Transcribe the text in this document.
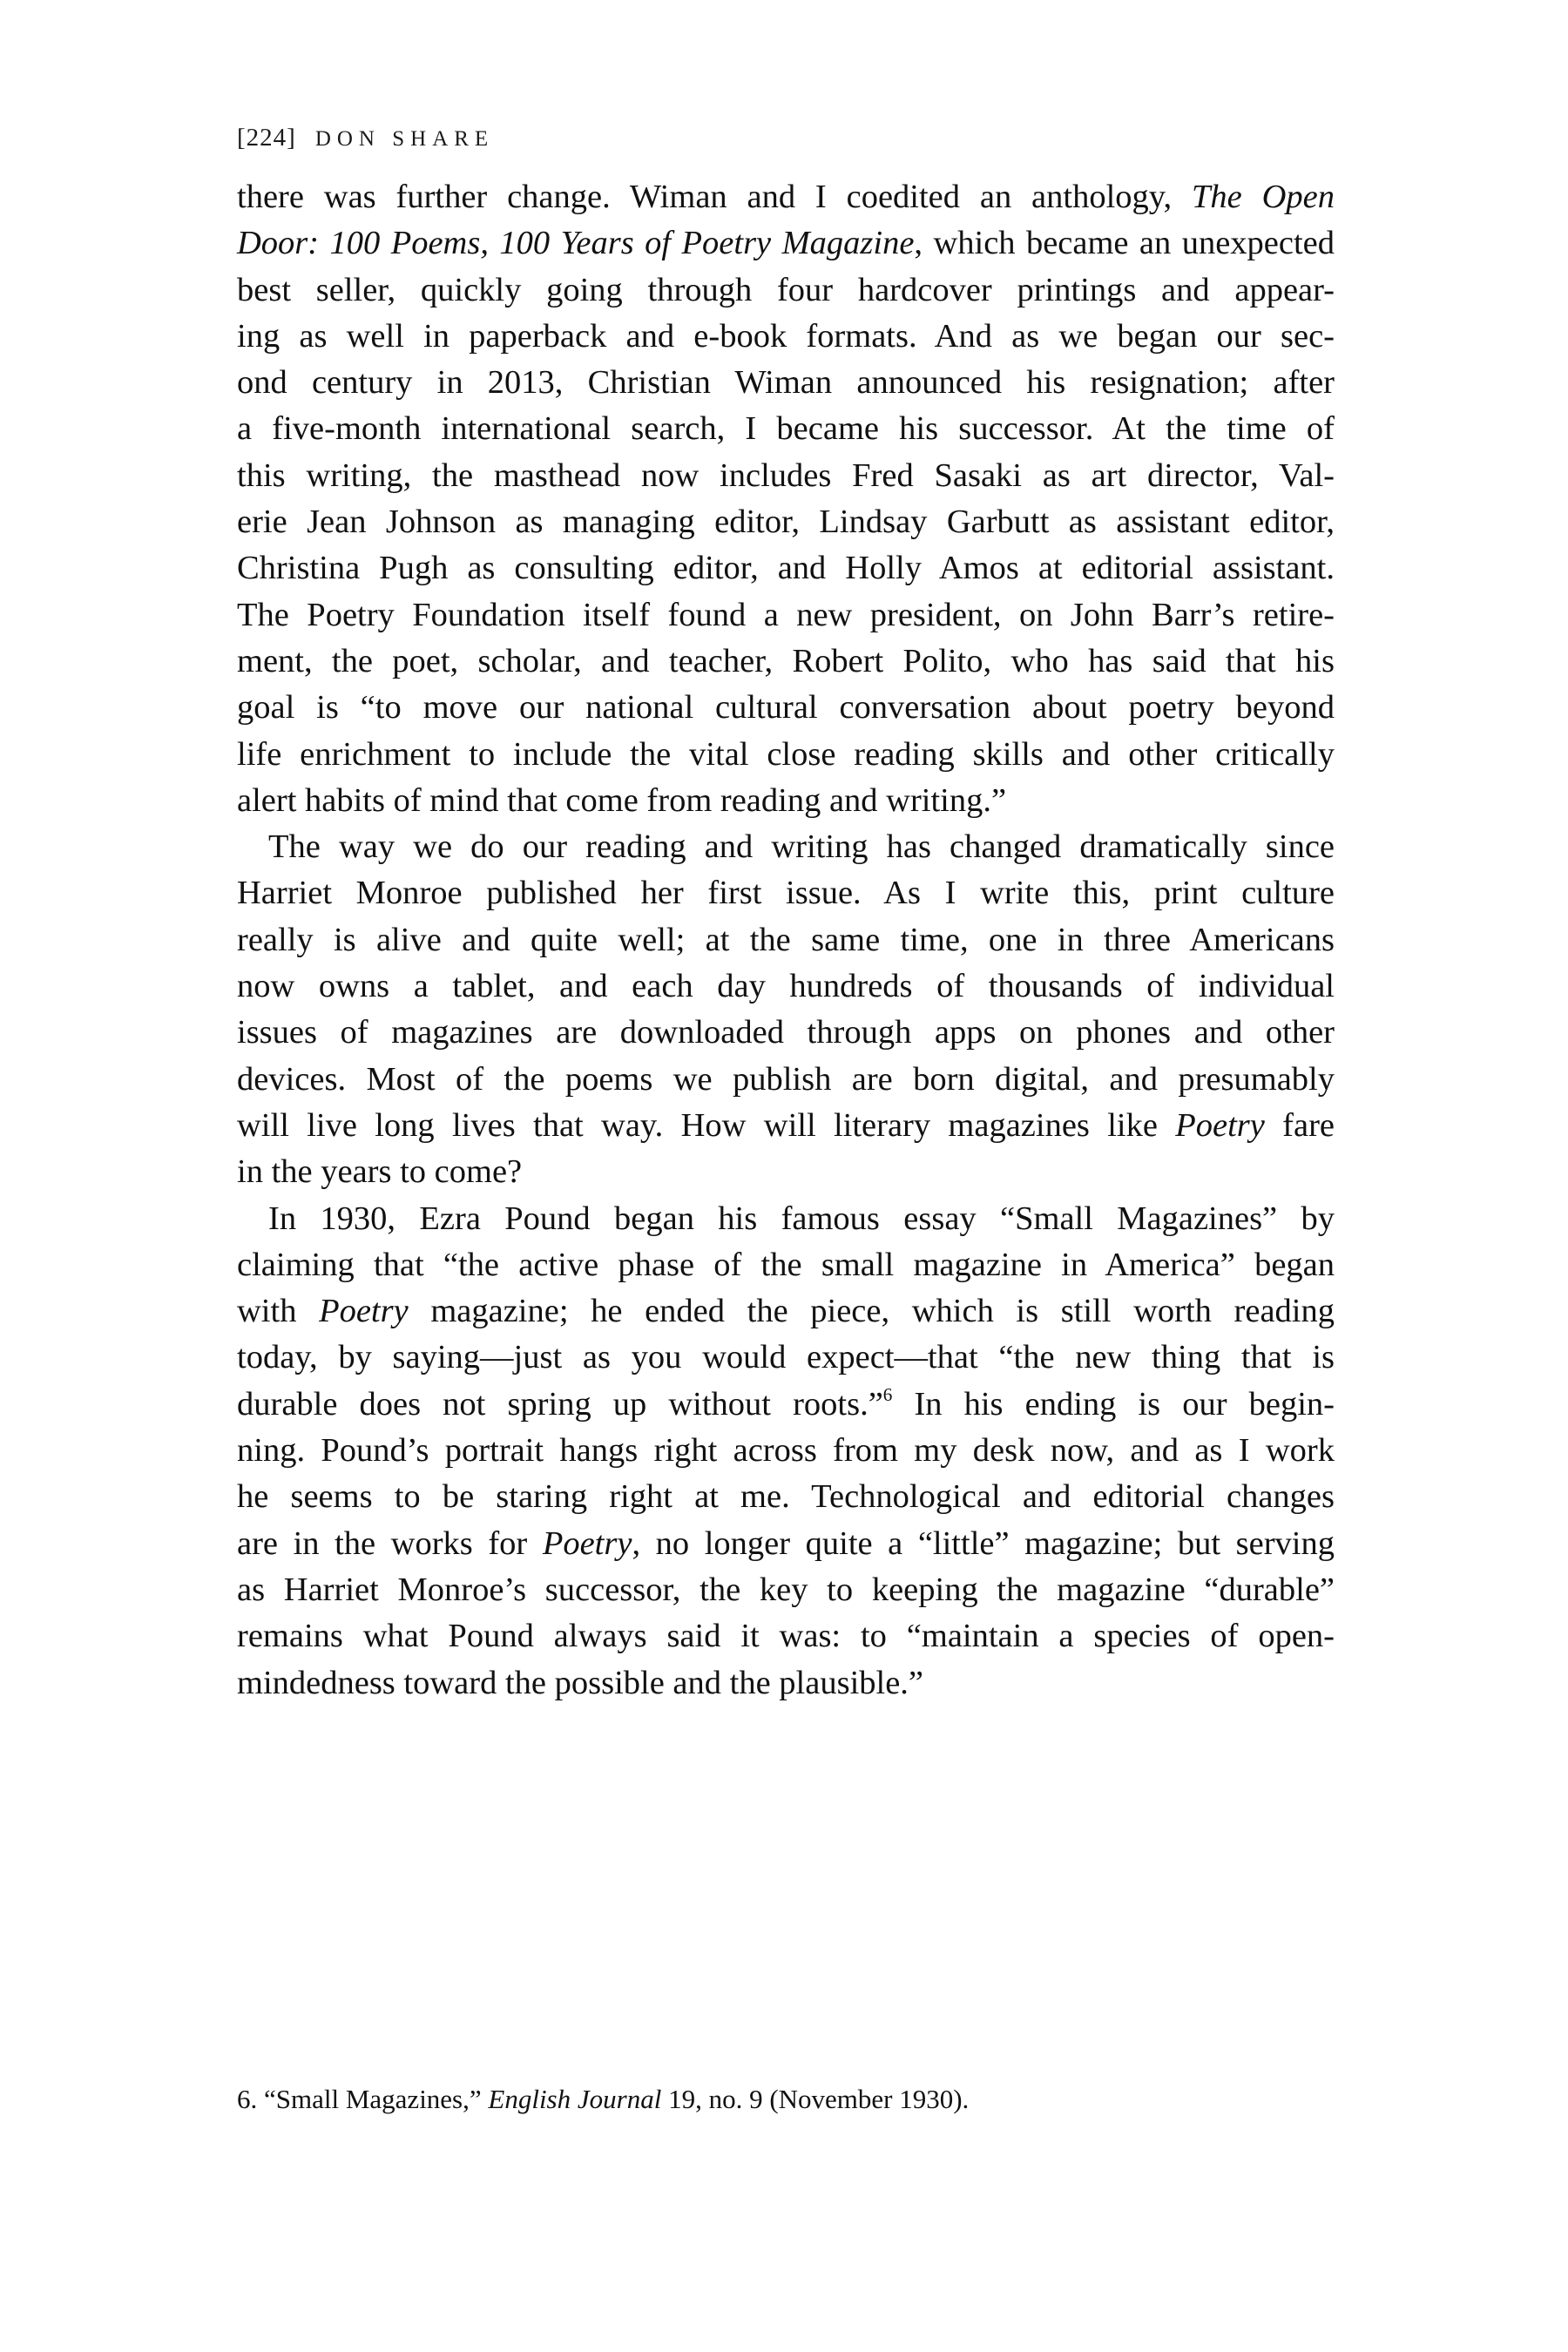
[224] DON SHARE
there was further change. Wiman and I coedited an anthology, The Open
Door: 100 Poems, 100 Years of Poetry Magazine, which became an unexpected
best seller, quickly going through four hardcover printings and appear-
ing as well in paperback and e-book formats. And as we began our sec-
ond century in 2013, Christian Wiman announced his resignation; after
a five-month international search, I became his successor. At the time of
this writing, the masthead now includes Fred Sasaki as art director, Val-
erie Jean Johnson as managing editor, Lindsay Garbutt as assistant editor,
Christina Pugh as consulting editor, and Holly Amos at editorial assistant.
The Poetry Foundation itself found a new president, on John Barr’s retire-
ment, the poet, scholar, and teacher, Robert Polito, who has said that his
goal is “to move our national cultural conversation about poetry beyond
life enrichment to include the vital close reading skills and other critically
alert habits of mind that come from reading and writing.”
The way we do our reading and writing has changed dramatically since
Harriet Monroe published her first issue. As I write this, print culture
really is alive and quite well; at the same time, one in three Americans
now owns a tablet, and each day hundreds of thousands of individual
issues of magazines are downloaded through apps on phones and other
devices. Most of the poems we publish are born digital, and presumably
will live long lives that way. How will literary magazines like Poetry fare
in the years to come?
In 1930, Ezra Pound began his famous essay “Small Magazines” by
claiming that “the active phase of the small magazine in America” began
with Poetry magazine; he ended the piece, which is still worth reading
today, by saying—just as you would expect—that “the new thing that is
durable does not spring up without roots.”$^6$ In his ending is our begin-
ning. Pound’s portrait hangs right across from my desk now, and as I work
he seems to be staring right at me. Technological and editorial changes
are in the works for Poetry, no longer quite a “little” magazine; but serving
as Harriet Monroe’s successor, the key to keeping the magazine “durable”
remains what Pound always said it was: to “maintain a species of open-
mindedness toward the possible and the plausible.”
6. “Small Magazines,” English Journal 19, no. 9 (November 1930).
